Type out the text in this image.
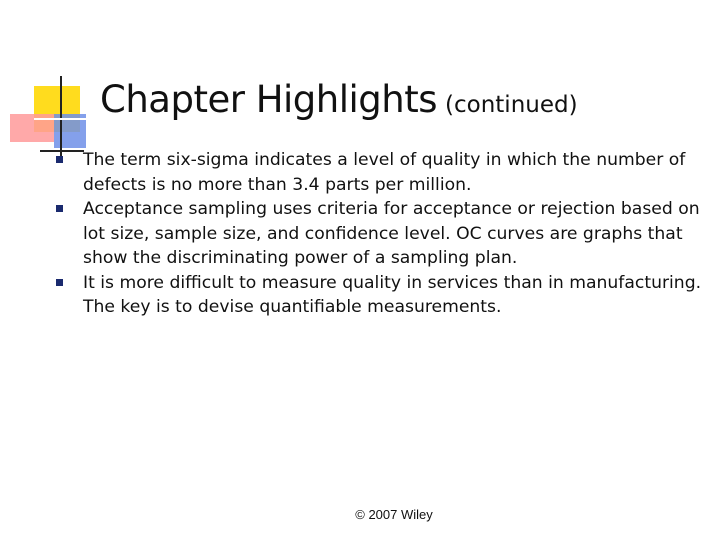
Chapter Highlights (continued)
The term six-sigma indicates a level of quality in which the number of defects is no more than 3.4 parts per million.
Acceptance sampling uses criteria for acceptance or rejection based on lot size, sample size, and confidence level. OC curves are graphs that show the discriminating power of a sampling plan.
It is more difficult to measure quality in services than in manufacturing. The key is to devise quantifiable measurements.
© 2007 Wiley
